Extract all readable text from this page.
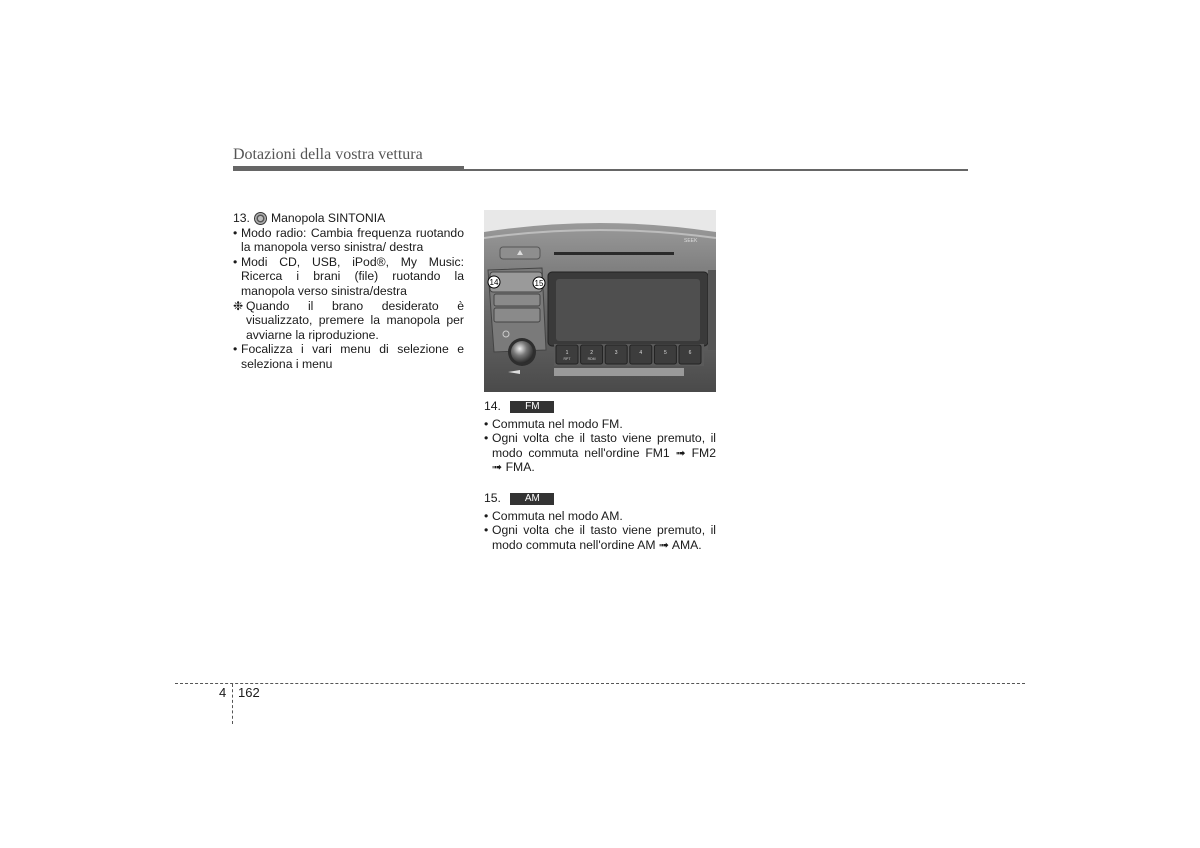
Dotazioni della vostra vettura
13. Manopola SINTONIA
• Modo radio: Cambia frequenza ruotando la manopola verso sinistra/ destra
• Modi CD, USB, iPod®, My Music: Ricerca i brani (file) ruotando la manopola verso sinistra/destra
❉ Quando il brano desiderato è visualizzato, premere la manopola per avviarne la riproduzione.
• Focalizza i vari menu di selezione e seleziona i menu
SEEK
14	15
1
RPT
2
RDM
3	4	5	6
14. FM
• Commuta nel modo FM.
• Ogni volta che il tasto viene premuto, il modo commuta nell'ordine FM1 ➟ FM2 ➟ FMA.
15. AM
• Commuta nel modo AM.
• Ogni volta che il tasto viene premuto, il modo commuta nell'ordine AM ➟ AMA.
4 162
